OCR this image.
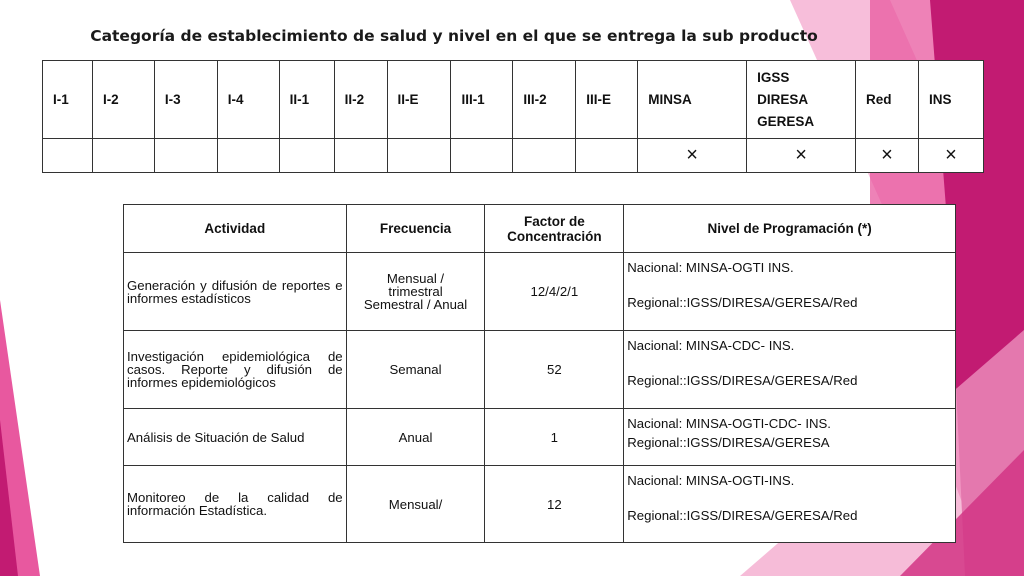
Categoría de establecimiento de salud y nivel en el que se entrega la sub producto
I-1	I-2	I-3	I-4	II-1	II-2	II-E	III-1	III-2	III-E	MINSA	IGSS
DIRESA
GERESA	Red	INS
										×	×	×	×
Actividad	Frecuencia	Factor de
Concentración	Nivel de Programación (*)
Generación y difusión de reportes e informes estadísticos	Mensual /
trimestral
Semestral / Anual	12/4/2/1	Nacional: MINSA-OGTI INS.
Regional::IGSS/DIRESA/GERESA/Red

Investigación epidemiológica de casos. Reporte y difusión de informes epidemiológicos	Semanal	52	Nacional: MINSA-CDC- INS.
Regional::IGSS/DIRESA/GERESA/Red

Análisis de Situación de Salud	Anual	1	Nacional: MINSA-OGTI-CDC- INS.
Regional::IGSS/DIRESA/GERESA

Monitoreo de la calidad de información Estadística.	Mensual/	12	Nacional: MINSA-OGTI-INS.
Regional::IGSS/DIRESA/GERESA/Red
